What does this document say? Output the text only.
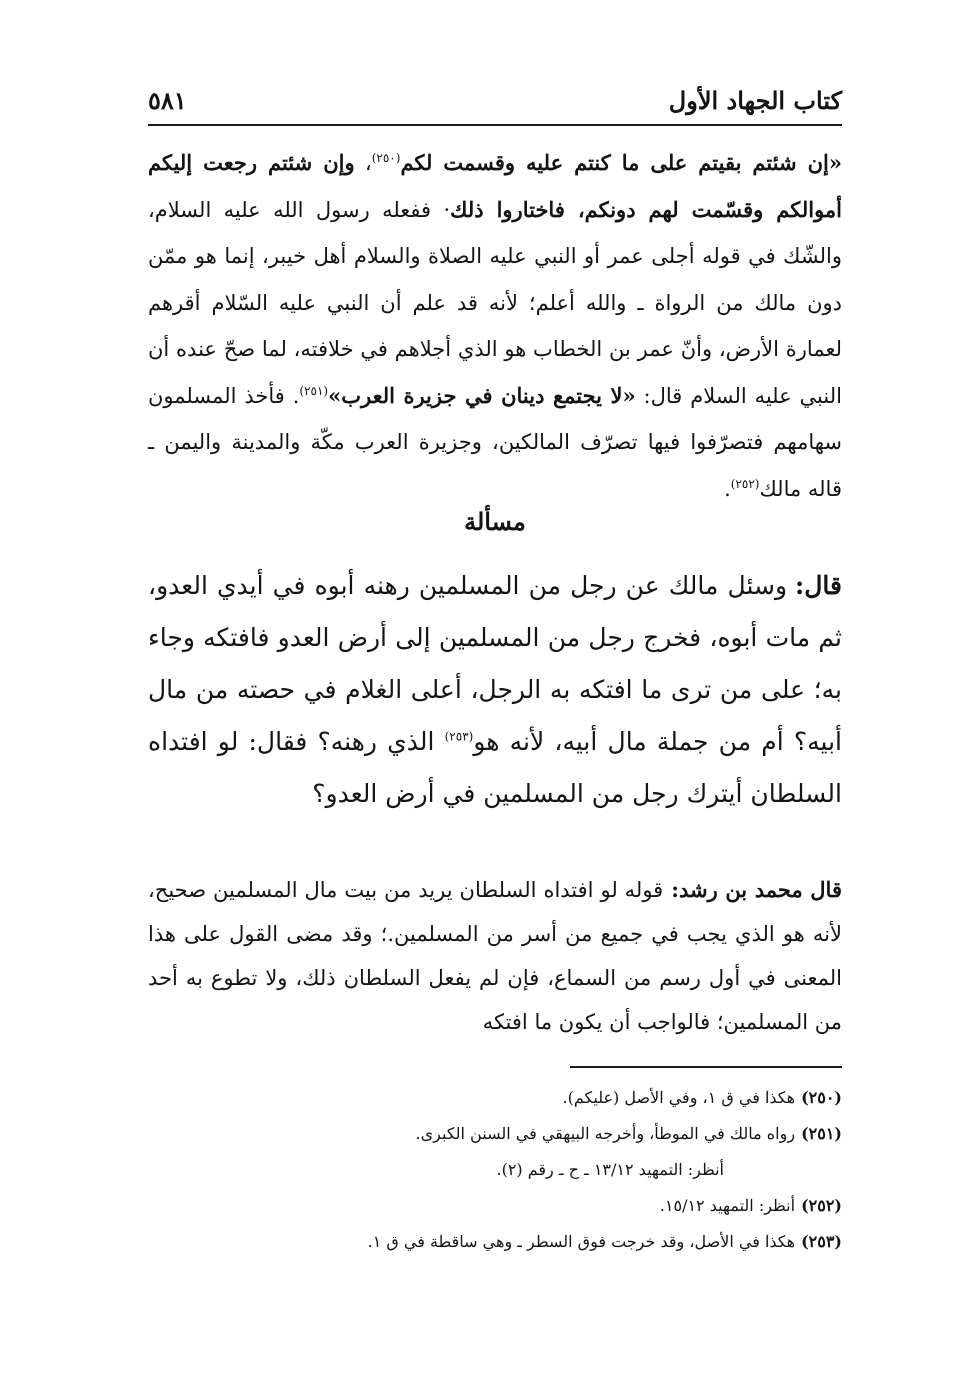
كتاب الجهاد الأول
٥٨١
«إن شئتم بقيتم على ما كنتم عليه وقسمت لكم$^{(٢٥٠)}$، وإن شئتم رجعت إليكم أموالكم وقسّمت لهم دونكم، فاختاروا ذلك· ففعله رسول الله عليه السلام، والشّك في قوله أجلى عمر أو النبي عليه الصلاة والسلام أهل خيبر، إنما هو ممّن دون مالك من الرواة ـ والله أعلم؛ لأنه قد علم أن النبي عليه السّلام أقرهم لعمارة الأرض، وأنّ عمر بن الخطاب هو الذي أجلاهم في خلافته، لما صحّ عنده أن النبي عليه السلام قال: «لا يجتمع دينان في جزيرة العرب»$^{(٢٥١)}$. فأخذ المسلمون سهامهم فتصرّفوا فيها تصرّف المالكين، وجزيرة العرب مكّة والمدينة واليمن ـ قاله مالك$^{(٢٥٢)}$.
مسألة
قال:وسئل مالك عن رجل من المسلمين رهنه أبوه في أيدي العدو، ثم مات أبوه، فخرج رجل من المسلمين إلى أرض العدو فافتكه وجاء به؛ على من ترى ما افتكه به الرجل، أعلى الغلام في حصته من مال أبيه؟ أم من جملة مال أبيه، لأنه هو$^{(٢٥٣)}$ الذي رهنه؟ فقال: لو افتداه السلطان أيترك رجل من المسلمين في أرض العدو؟
قال محمد بن رشد:قوله لو افتداه السلطان يريد من بيت مال المسلمين صحيح، لأنه هو الذي يجب في جميع من أسر من المسلمين.؛ وقد مضى القول على هذا المعنى في أول رسم من السماع، فإن لم يفعل السلطان ذلك، ولا تطوع به أحد من المسلمين؛ فالواجب أن يكون ما افتكه
(٢٥٠)هكذا في ق ١، وفي الأصل (عليكم).
(٢٥١)رواه مالك في الموطأ، وأخرجه البيهقي في السنن الكبرى.
أنظر: التمهيد ١٣/١٢ ـ ح ـ رقم (٢).
(٢٥٢)أنظر: التمهيد ١٥/١٢.
(٢٥٣)هكذا في الأصل، وقد خرجت فوق السطر ـ وهي ساقطة في ق ١.
